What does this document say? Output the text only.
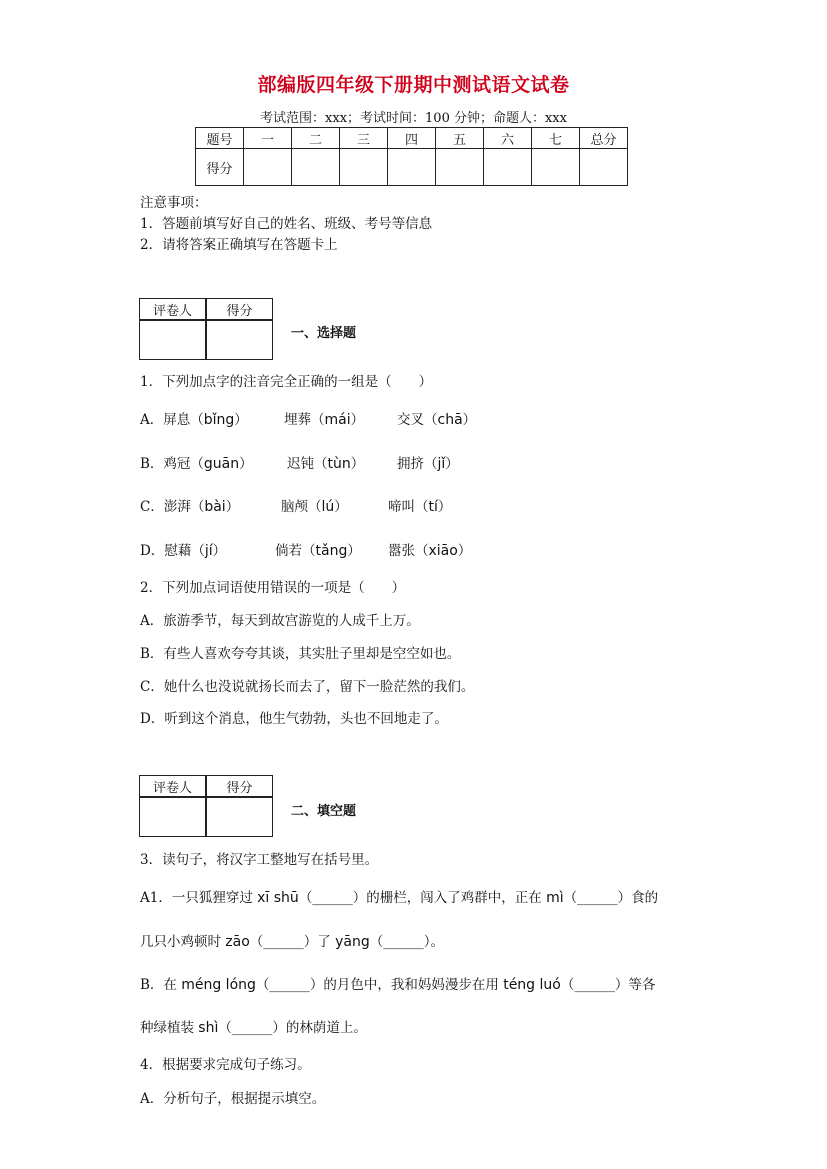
部编版四年级下册期中测试语文试卷
考试范围：xxx；考试时间：100 分钟；命题人：xxx
题号	一	二	三	四	五	六	七	总分
得分								
注意事项：
1．答题前填写好自己的姓名、班级、考号等信息
2．请将答案正确填写在答题卡上
评卷人	得分

一、选择题
1．下列加点字的注音完全正确的一组是（　　）
A．屏息（bǐng）	埋葬（mái） 交叉（chā）
B．鸡冠（guān）	迟钝（tùn） 拥挤（jǐ）
C．澎湃（bài）	脑颅（lú）	啼叫（tí）
D．慰藉（jí）	倘若（tǎng） 嚣张（xiāo）
2．下列加点词语使用错误的一项是（　　）
A．旅游季节，每天到故宫游览的人成千上万。
B．有些人喜欢夸夸其谈，其实肚子里却是空空如也。
C．她什么也没说就扬长而去了，留下一脸茫然的我们。
D．听到这个消息，他生气勃勃，头也不回地走了。
评卷人	得分

二、填空题
3．读句子，将汉字工整地写在括号里。
A1．一只狐狸穿过 xī shū（______）的栅栏，闯入了鸡群中，正在 mì（______）食的
几只小鸡顿时 zāo（______）了 yāng（______）。
B．在 méng lóng（______）的月色中，我和妈妈漫步在用 téng luó（______）等各
种绿植装 shì（______）的林荫道上。
4．根据要求完成句子练习。
A．分析句子，根据提示填空。
